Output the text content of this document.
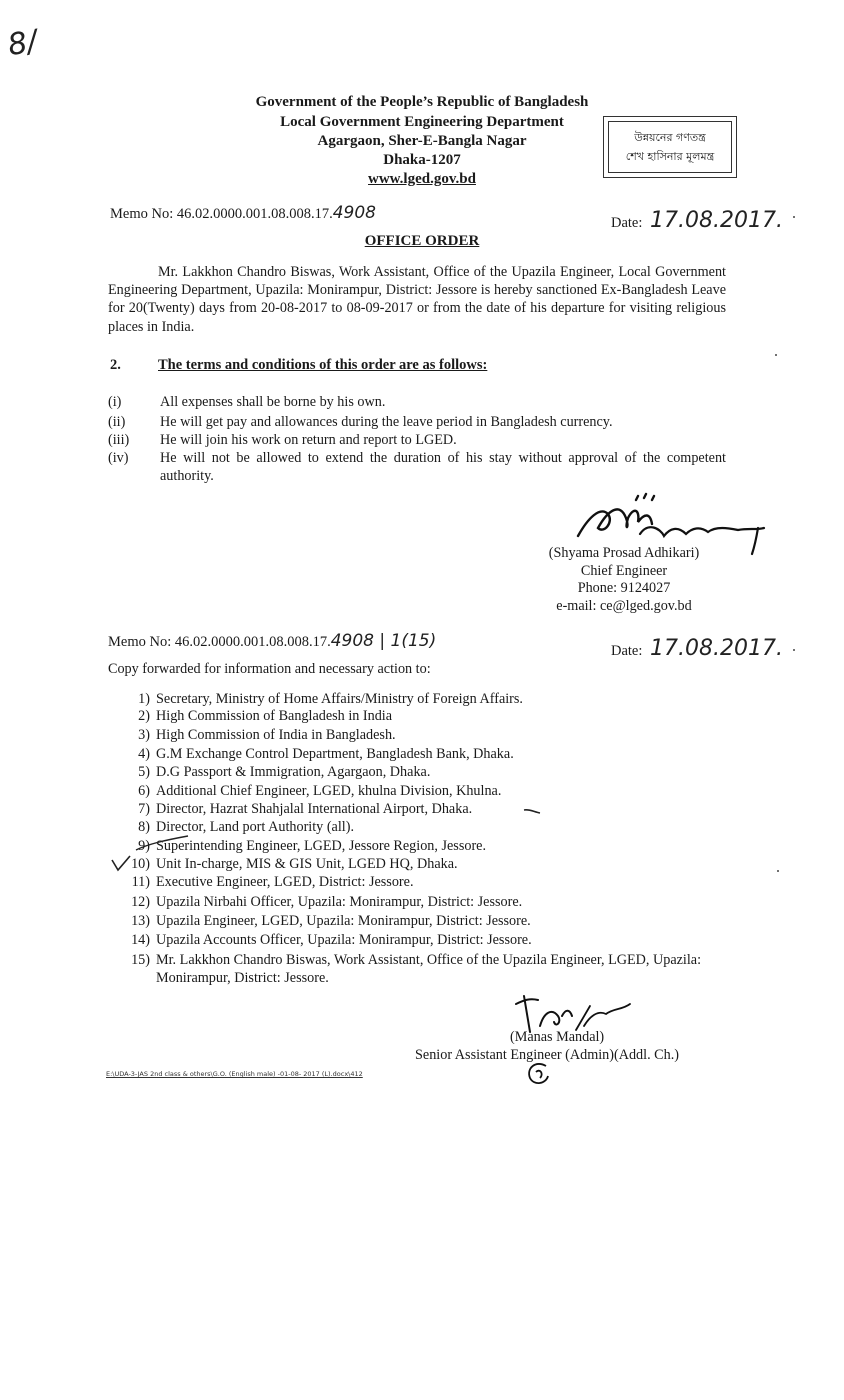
8/
Government of the People’s Republic of Bangladesh
Local Government Engineering Department
Agargaon, Sher-E-Bangla Nagar
Dhaka-1207
www.lged.gov.bd
উন্নয়নের গণতন্ত্র
শেখ হাসিনার মূলমন্ত্র
Memo No: 46.02.0000.001.08.008.17.4908	Date: 17.08.2017.
OFFICE ORDER
Mr. Lakkhon Chandro Biswas, Work Assistant, Office of the Upazila Engineer, Local Government Engineering Department, Upazila: Monirampur, District: Jessore is hereby sanctioned Ex-Bangladesh Leave for 20(Twenty) days from 20-08-2017 to 08-09-2017 or from the date of his departure for visiting religious places in India.
2.	The terms and conditions of this order are as follows:
(i)	All expenses shall be borne by his own.
(ii)	He will get pay and allowances during the leave period in Bangladesh currency.
(iii)	He will join his work on return and report to LGED.
(iv)	He will not be allowed to extend the duration of his stay without approval of the competent authority.
(Shyama Prosad Adhikari)
Chief Engineer
Phone: 9124027
e-mail: ce@lged.gov.bd
Memo No: 46.02.0000.001.08.008.17.4908 | 1(15)	Date: 17.08.2017.
Copy forwarded for information and necessary action to:
1) Secretary, Ministry of Home Affairs/Ministry of Foreign Affairs.
2) High Commission of Bangladesh in India
3) High Commission of India in Bangladesh.
4) G.M Exchange Control Department, Bangladesh Bank, Dhaka.
5) D.G Passport & Immigration, Agargaon, Dhaka.
6) Additional Chief Engineer, LGED, khulna Division, Khulna.
7) Director, Hazrat Shahjalal International Airport, Dhaka.
8) Director, Land port Authority (all).
9) Superintending Engineer, LGED, Jessore Region, Jessore.
10) Unit In-charge, MIS & GIS Unit, LGED HQ, Dhaka.
11) Executive Engineer, LGED, District: Jessore.
12) Upazila Nirbahi Officer, Upazila: Monirampur, District: Jessore.
13) Upazila Engineer, LGED, Upazila: Monirampur, District: Jessore.
14) Upazila Accounts Officer, Upazila: Monirampur, District: Jessore.
15) Mr. Lakkhon Chandro Biswas, Work Assistant, Office of the Upazila Engineer, LGED, Upazila: Monirampur, District: Jessore.
(Manas Mandal)
Senior Assistant Engineer (Admin)(Addl. Ch.)
E:\UDA-3-JAS 2nd class & others\G.O. (English male) -01-08- 2017 (L).docx\412
